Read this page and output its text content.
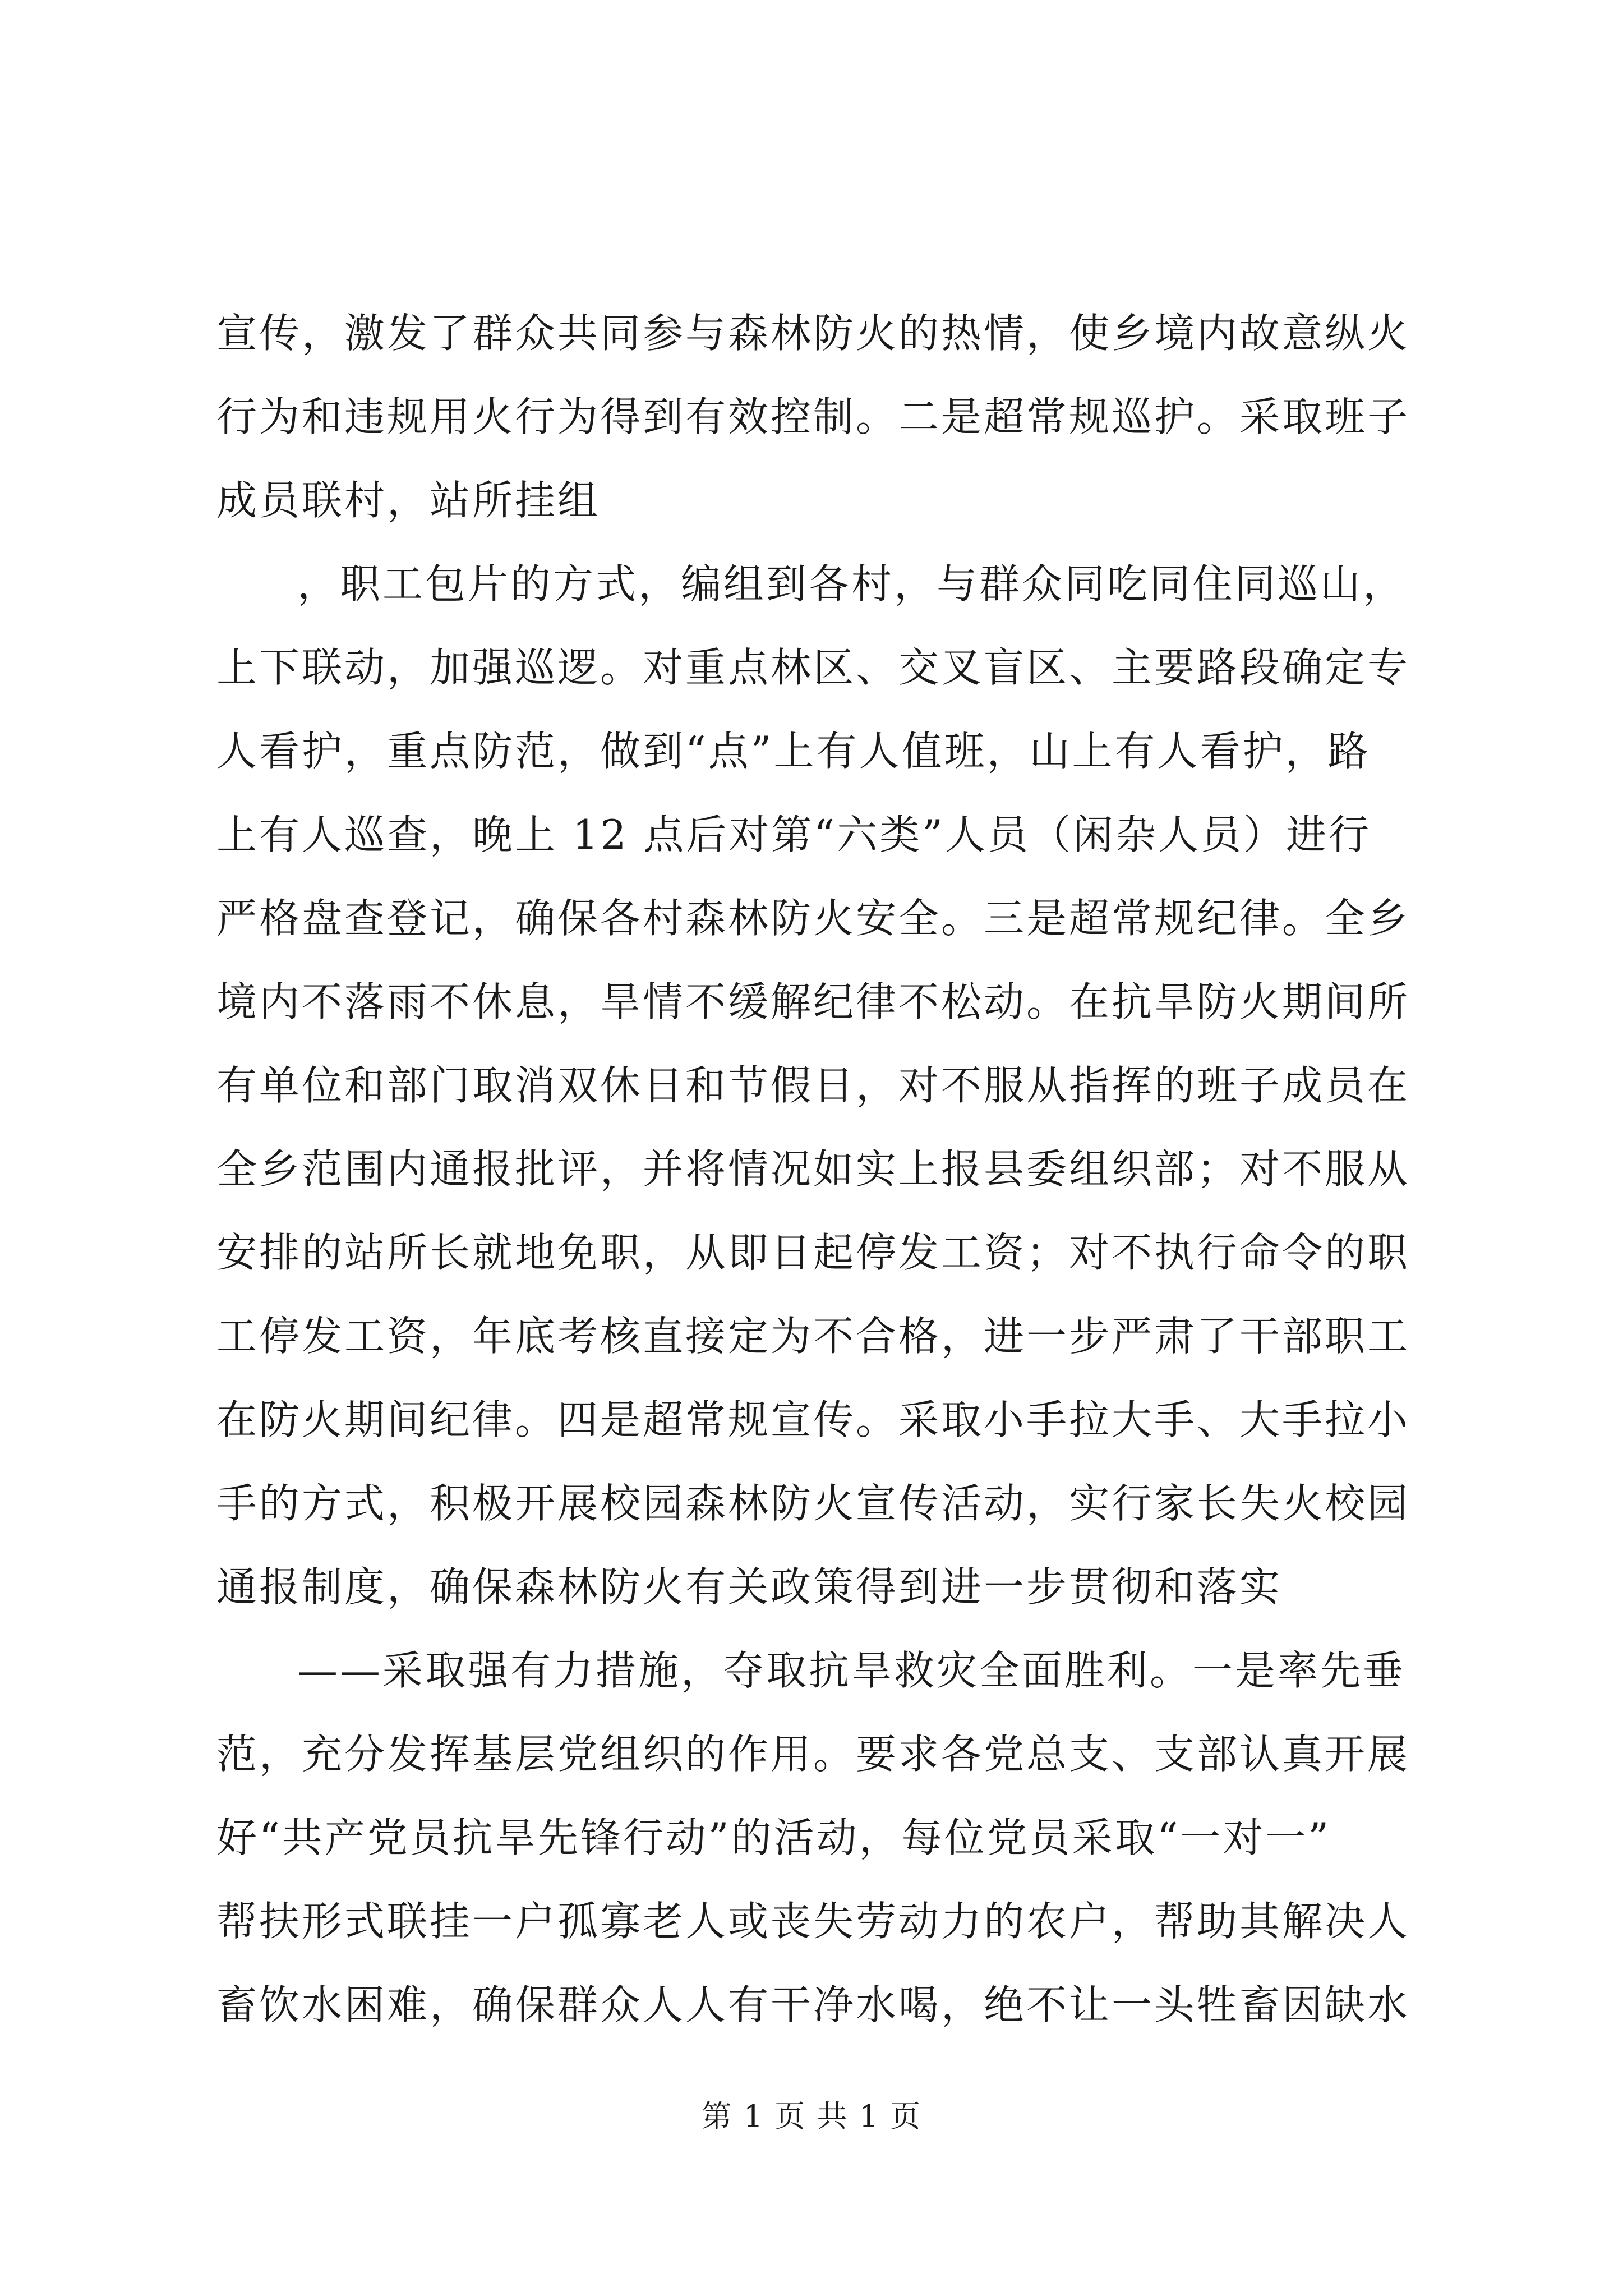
宣传，激发了群众共同参与森林防火的热情，使乡境内故意纵火
行为和违规用火行为得到有效控制。二是超常规巡护。采取班子
成员联村，站所挂组
，职工包片的方式，编组到各村，与群众同吃同住同巡山，
上下联动，加强巡逻。对重点林区、交叉盲区、主要路段确定专
人看护，重点防范，做到“点”上有人值班，山上有人看护，路
上有人巡查，晚上 12 点后对第“六类”人员（闲杂人员）进行
严格盘查登记，确保各村森林防火安全。三是超常规纪律。全乡
境内不落雨不休息，旱情不缓解纪律不松动。在抗旱防火期间所
有单位和部门取消双休日和节假日，对不服从指挥的班子成员在
全乡范围内通报批评，并将情况如实上报县委组织部；对不服从
安排的站所长就地免职，从即日起停发工资；对不执行命令的职
工停发工资，年底考核直接定为不合格，进一步严肃了干部职工
在防火期间纪律。四是超常规宣传。采取小手拉大手、大手拉小
手的方式，积极开展校园森林防火宣传活动，实行家长失火校园
通报制度，确保森林防火有关政策得到进一步贯彻和落实
——采取强有力措施，夺取抗旱救灾全面胜利。一是率先垂
范，充分发挥基层党组织的作用。要求各党总支、支部认真开展
好“共产党员抗旱先锋行动”的活动，每位党员采取“一对一”
帮扶形式联挂一户孤寡老人或丧失劳动力的农户，帮助其解决人
畜饮水困难，确保群众人人有干净水喝，绝不让一头牲畜因缺水
第 1 页 共 1 页
